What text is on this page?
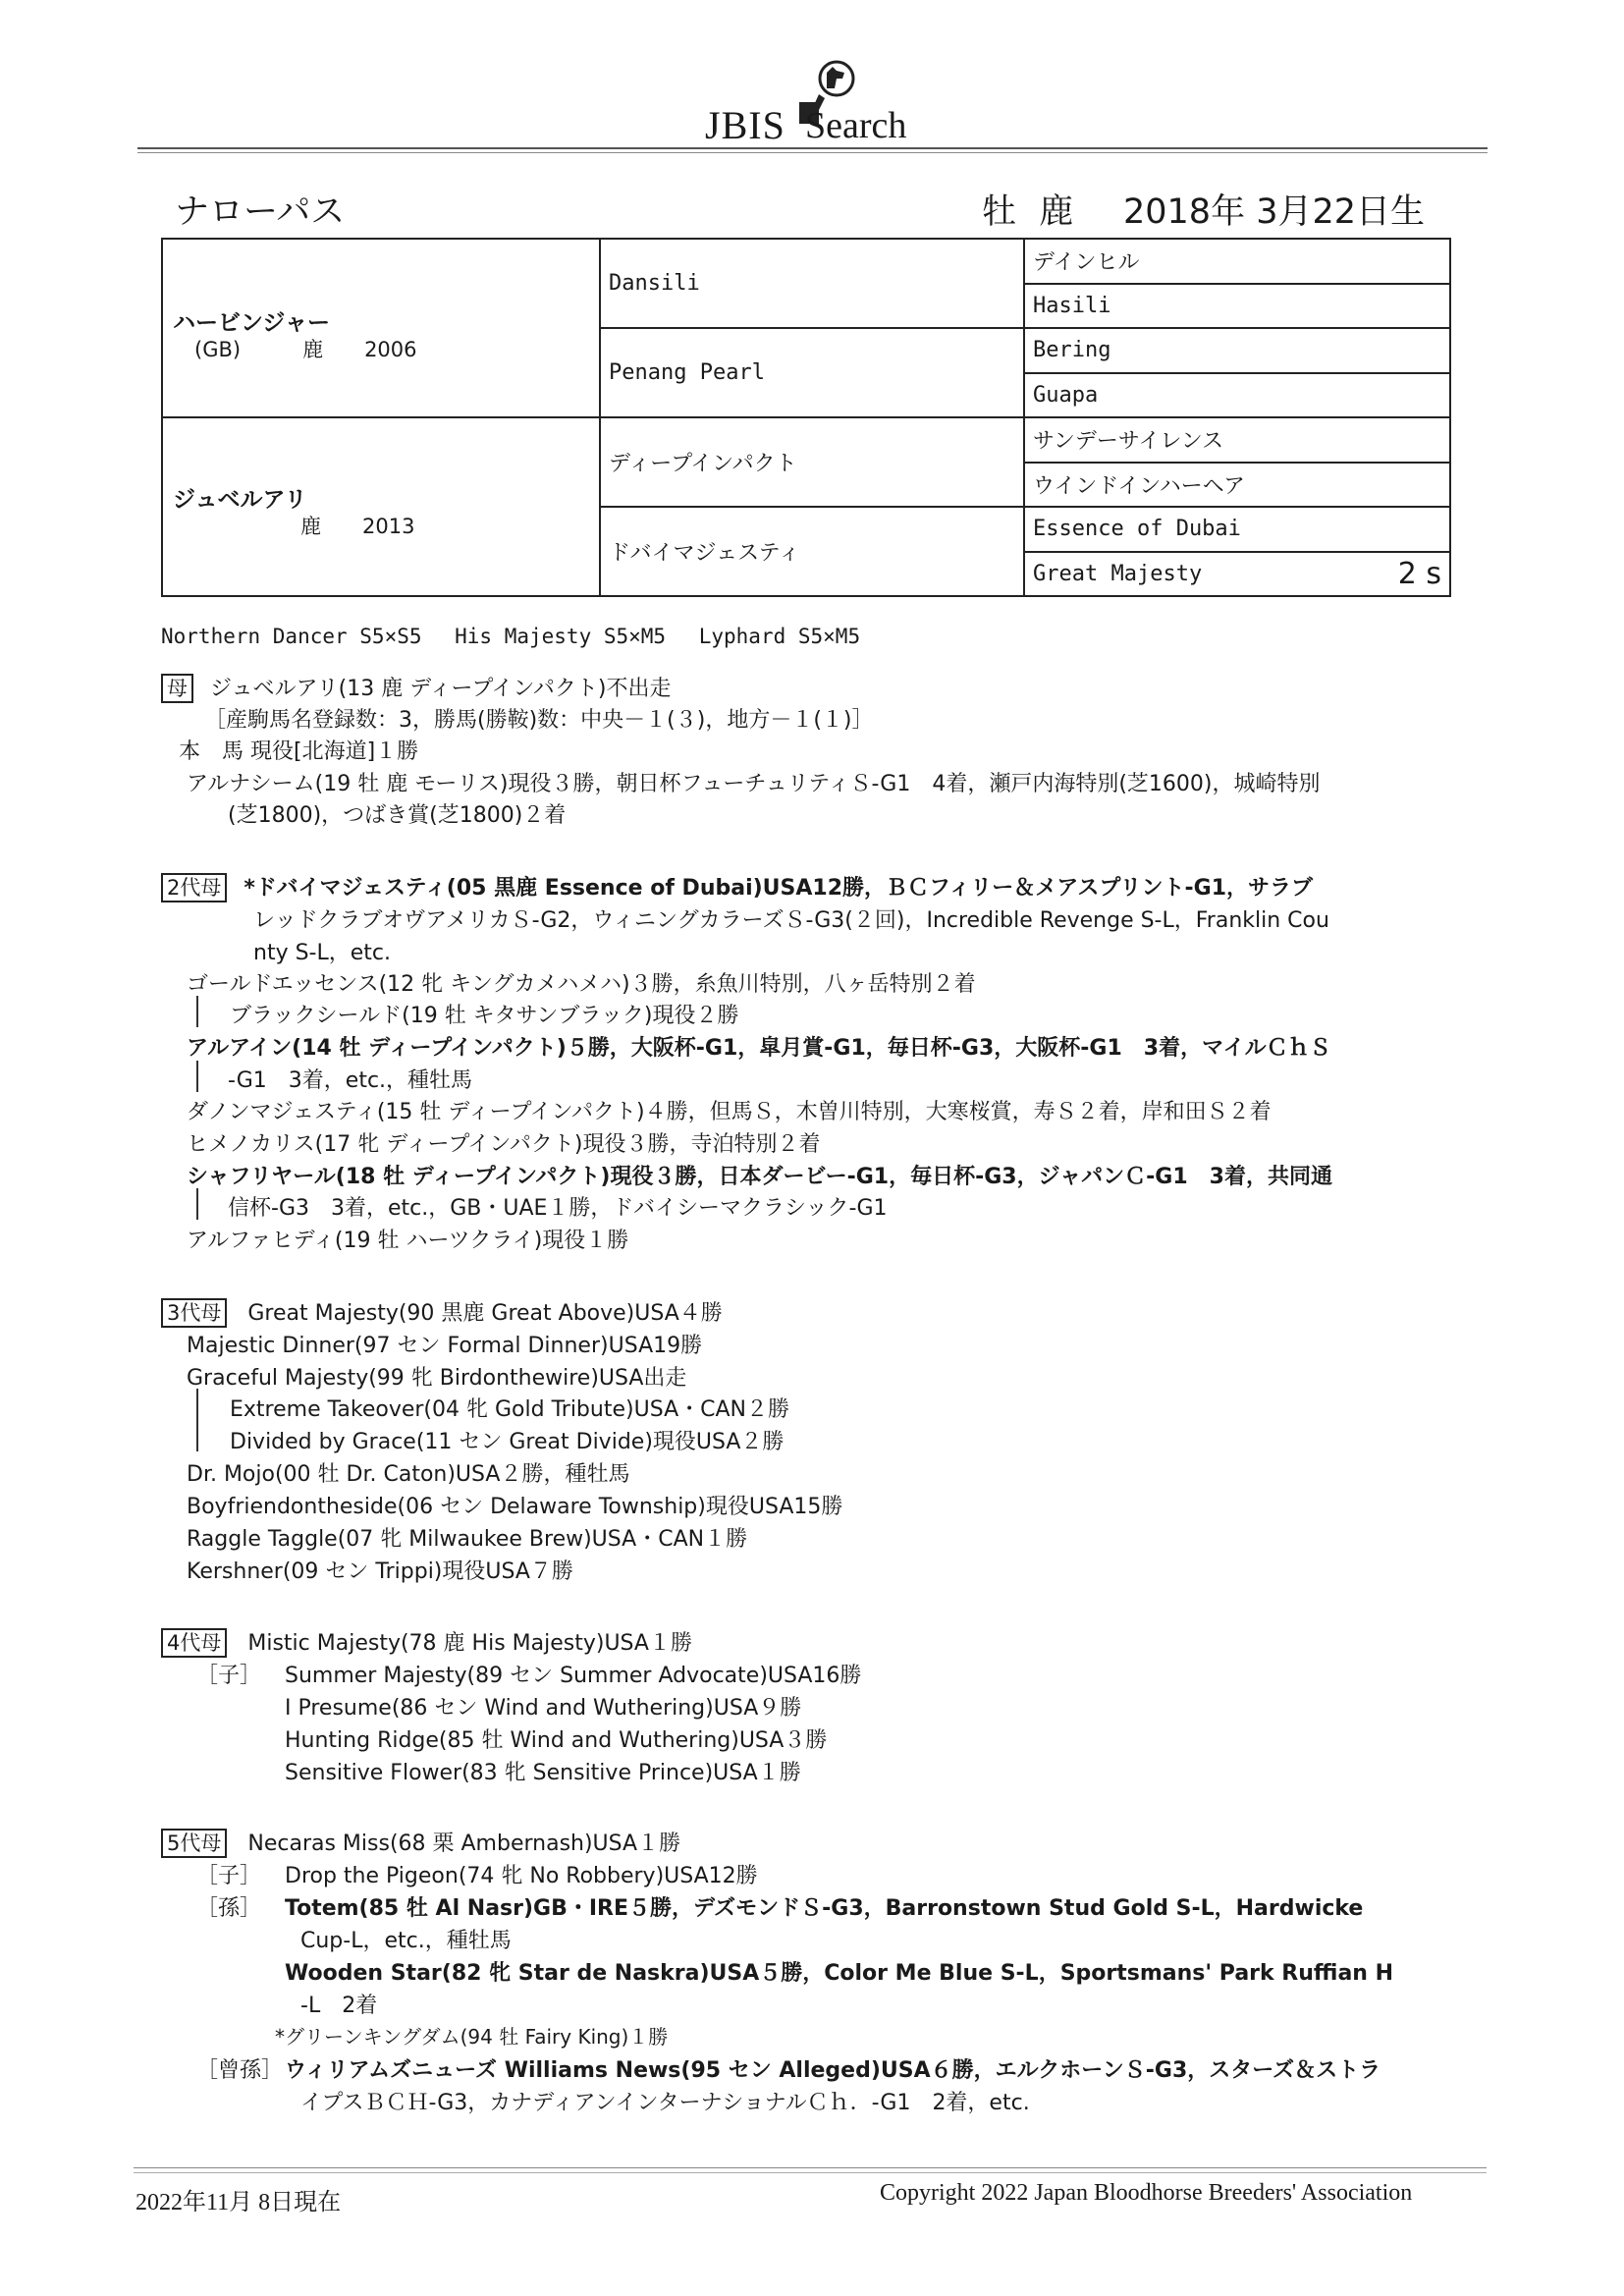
JBIS Search
ナローパス	牡 鹿 2018年 3月22日生
ハービンジャー
(GB)　　　鹿　　2006	Dansili	デインヒル
		Hasili
	Penang Pearl	Bering
		Guapa

ジュベルアリ
鹿　　2013	ディープインパクト	サンデーサイレンス
		ウインドインハーヘア
	ドバイマジェスティ	Essence of Dubai
		Great Majesty 2 s
Northern Dancer S5×S5　 His Majesty S5×M5　 Lyphard S5×M5
母 ジュベルアリ(13 鹿 ディープインパクト)不出走
［産駒馬名登録数：3，勝馬(勝鞍)数：中央－１(３)，地方－１(１)］
本　馬 現役[北海道]１勝
アルナシーム(19 牡 鹿 モーリス)現役３勝，朝日杯フューチュリティＳ-G1　4着，瀬戸内海特別(芝1600)，城崎特別
(芝1800)，つばき賞(芝1800)２着
2代母 *ドバイマジェスティ(05 黒鹿 Essence of Dubai)USA12勝，ＢＣフィリー＆メアスプリント-G1，サラブ
レッドクラブオヴアメリカＳ-G2，ウィニングカラーズＳ-G3(２回)，Incredible Revenge S-L，Franklin Cou
nty S-L，etc.
ゴールドエッセンス(12 牝 キングカメハメハ)３勝，糸魚川特別，八ヶ岳特別２着
ブラックシールド(19 牡 キタサンブラック)現役２勝
アルアイン(14 牡 ディープインパクト)５勝，大阪杯-G1，皐月賞-G1，毎日杯-G3，大阪杯-G1　3着，マイルＣｈＳ
-G1　3着，etc.，種牡馬
ダノンマジェスティ(15 牡 ディープインパクト)４勝，但馬Ｓ，木曽川特別，大寒桜賞，寿Ｓ２着，岸和田Ｓ２着
ヒメノカリス(17 牝 ディープインパクト)現役３勝，寺泊特別２着
シャフリヤール(18 牡 ディープインパクト)現役３勝，日本ダービー-G1，毎日杯-G3，ジャパンＣ-G1　3着，共同通
信杯-G3　3着，etc.，GB・UAE１勝，ドバイシーマクラシック-G1
アルファヒディ(19 牡 ハーツクライ)現役１勝
3代母 Great Majesty(90 黒鹿 Great Above)USA４勝
Majestic Dinner(97 セン Formal Dinner)USA19勝
Graceful Majesty(99 牝 Birdonthewire)USA出走
Extreme Takeover(04 牝 Gold Tribute)USA・CAN２勝
Divided by Grace(11 セン Great Divide)現役USA２勝
Dr. Mojo(00 牡 Dr. Caton)USA２勝，種牡馬
Boyfriendontheside(06 セン Delaware Township)現役USA15勝
Raggle Taggle(07 牝 Milwaukee Brew)USA・CAN１勝
Kershner(09 セン Trippi)現役USA７勝
4代母 Mistic Majesty(78 鹿 His Majesty)USA１勝
［子］ Summer Majesty(89 セン Summer Advocate)USA16勝
I Presume(86 セン Wind and Wuthering)USA９勝
Hunting Ridge(85 牡 Wind and Wuthering)USA３勝
Sensitive Flower(83 牝 Sensitive Prince)USA１勝
5代母 Necaras Miss(68 栗 Ambernash)USA１勝
［子］ Drop the Pigeon(74 牝 No Robbery)USA12勝
［孫］ Totem(85 牡 Al Nasr)GB・IRE５勝，デズモンドＳ-G3，Barronstown Stud Gold S-L，Hardwicke
Cup-L，etc.，種牡馬
Wooden Star(82 牝 Star de Naskra)USA５勝，Color Me Blue S-L，Sportsmans' Park Ruffian H
-L　2着
*グリーンキングダム(94 牡 Fairy King)１勝
［曾孫］ ウィリアムズニューズ Williams News(95 セン Alleged)USA６勝，エルクホーンＳ-G3，スターズ＆ストラ
イプスＢＣＨ-G3，カナディアンインターナショナルＣｈ．-G1　2着，etc.
2022年11月 8日現在	Copyright 2022 Japan Bloodhorse Breeders' Association
